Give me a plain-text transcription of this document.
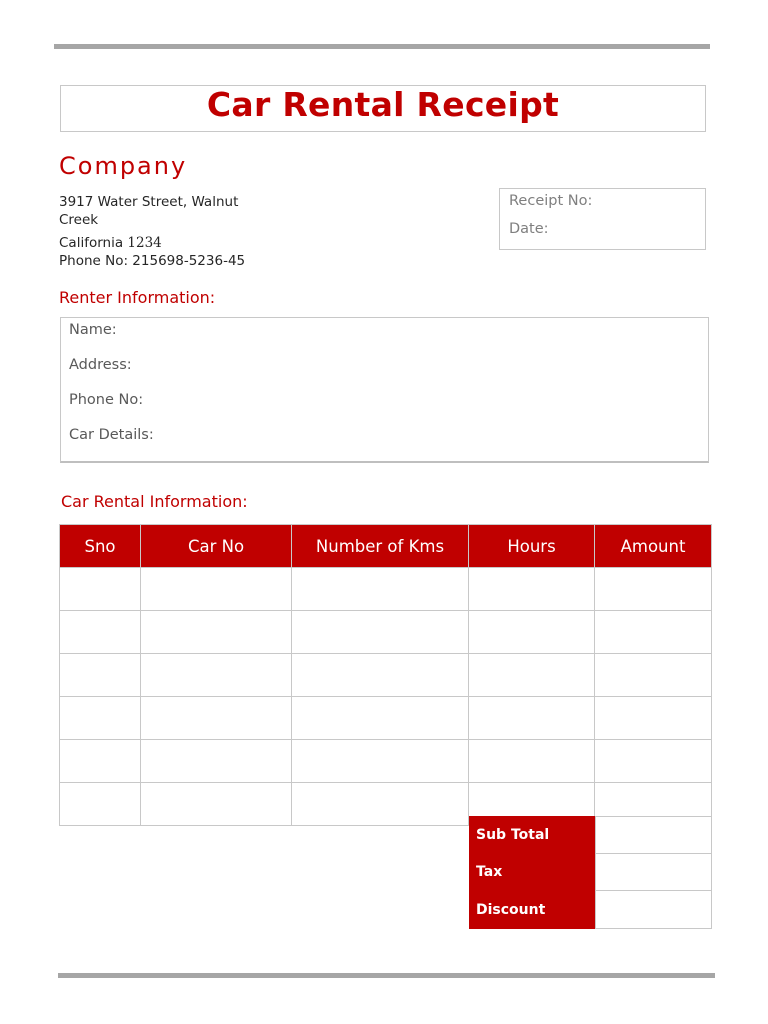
Car Rental Receipt
Company
3917 Water Street, Walnut
Creek
California 1234
Phone No: 215698-5236-45
Receipt No:
Date:
Renter Information:
Name:
Address:
Phone No:
Car Details:
Car Rental Information:
Sno	Car No	Number of Kms	Hours	Amount

Sub Total
Tax
Discount
